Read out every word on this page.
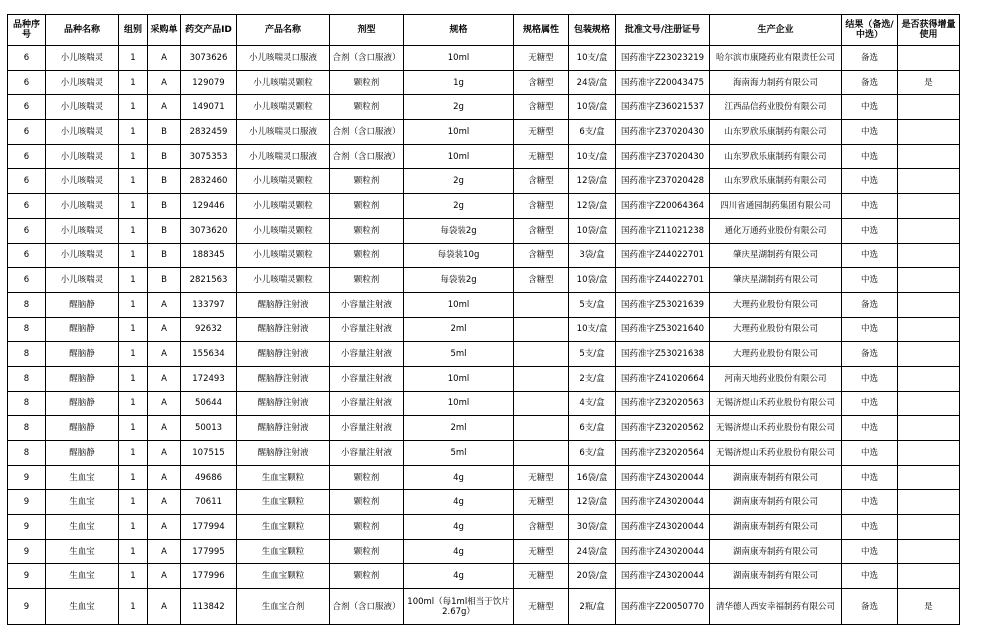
品种序号	品种名称	组别	采购单	药交产品ID	产品名称	剂型	规格	规格属性	包装规格	批准文号/注册证号	生产企业	结果（备选/中选）	是否获得增量使用
6	小儿咳喘灵	1	A	3073626	小儿咳喘灵口服液	合剂（含口服液）	10ml	无糖型	10支/盒	国药准字Z23023219	哈尔滨市康隆药业有限责任公司	备选	
6	小儿咳喘灵	1	A	129079	小儿咳喘灵颗粒	颗粒剂	1g	含糖型	24袋/盒	国药准字Z20043475	海南海力制药有限公司	备选	是
6	小儿咳喘灵	1	A	149071	小儿咳喘灵颗粒	颗粒剂	2g	含糖型	10袋/盒	国药准字Z36021537	江西品信药业股份有限公司	中选	
6	小儿咳喘灵	1	B	2832459	小儿咳喘灵口服液	合剂（含口服液）	10ml	无糖型	6支/盒	国药准字Z37020430	山东罗欣乐康制药有限公司	中选	
6	小儿咳喘灵	1	B	3075353	小儿咳喘灵口服液	合剂（含口服液）	10ml	无糖型	10支/盒	国药准字Z37020430	山东罗欣乐康制药有限公司	中选	
6	小儿咳喘灵	1	B	2832460	小儿咳喘灵颗粒	颗粒剂	2g	含糖型	12袋/盒	国药准字Z37020428	山东罗欣乐康制药有限公司	中选	
6	小儿咳喘灵	1	B	129446	小儿咳喘灵颗粒	颗粒剂	2g	含糖型	12袋/盒	国药准字Z20064364	四川省通园制药集团有限公司	中选	
6	小儿咳喘灵	1	B	3073620	小儿咳喘灵颗粒	颗粒剂	每袋装2g	含糖型	10袋/盒	国药准字Z11021238	通化万通药业股份有限公司	中选	
6	小儿咳喘灵	1	B	188345	小儿咳喘灵颗粒	颗粒剂	每袋装10g	含糖型	3袋/盒	国药准字Z44022701	肇庆星湖制药有限公司	中选	
6	小儿咳喘灵	1	B	2821563	小儿咳喘灵颗粒	颗粒剂	每袋装2g	含糖型	10袋/盒	国药准字Z44022701	肇庆星湖制药有限公司	中选	
8	醒脑静	1	A	133797	醒脑静注射液	小容量注射液	10ml		5支/盒	国药准字Z53021639	大理药业股份有限公司	备选	
8	醒脑静	1	A	92632	醒脑静注射液	小容量注射液	2ml		10支/盒	国药准字Z53021640	大理药业股份有限公司	中选	
8	醒脑静	1	A	155634	醒脑静注射液	小容量注射液	5ml		5支/盒	国药准字Z53021638	大理药业股份有限公司	备选	
8	醒脑静	1	A	172493	醒脑静注射液	小容量注射液	10ml		2支/盒	国药准字Z41020664	河南天地药业股份有限公司	中选	
8	醒脑静	1	A	50644	醒脑静注射液	小容量注射液	10ml		4支/盒	国药准字Z32020563	无锡济煜山禾药业股份有限公司	中选	
8	醒脑静	1	A	50013	醒脑静注射液	小容量注射液	2ml		6支/盒	国药准字Z32020562	无锡济煜山禾药业股份有限公司	中选	
8	醒脑静	1	A	107515	醒脑静注射液	小容量注射液	5ml		6支/盒	国药准字Z32020564	无锡济煜山禾药业股份有限公司	中选	
9	生血宝	1	A	49686	生血宝颗粒	颗粒剂	4g	无糖型	16袋/盒	国药准字Z43020044	湖南康寿制药有限公司	中选	
9	生血宝	1	A	70611	生血宝颗粒	颗粒剂	4g	无糖型	12袋/盒	国药准字Z43020044	湖南康寿制药有限公司	中选	
9	生血宝	1	A	177994	生血宝颗粒	颗粒剂	4g	含糖型	30袋/盒	国药准字Z43020044	湖南康寿制药有限公司	中选	
9	生血宝	1	A	177995	生血宝颗粒	颗粒剂	4g	无糖型	24袋/盒	国药准字Z43020044	湖南康寿制药有限公司	中选	
9	生血宝	1	A	177996	生血宝颗粒	颗粒剂	4g	无糖型	20袋/盒	国药准字Z43020044	湖南康寿制药有限公司	中选	
9	生血宝	1	A	113842	生血宝合剂	合剂（含口服液）	100ml（每1ml相当于饮片2.67g）	无糖型	2瓶/盒	国药准字Z20050770	清华德人西安幸福制药有限公司	备选	是
